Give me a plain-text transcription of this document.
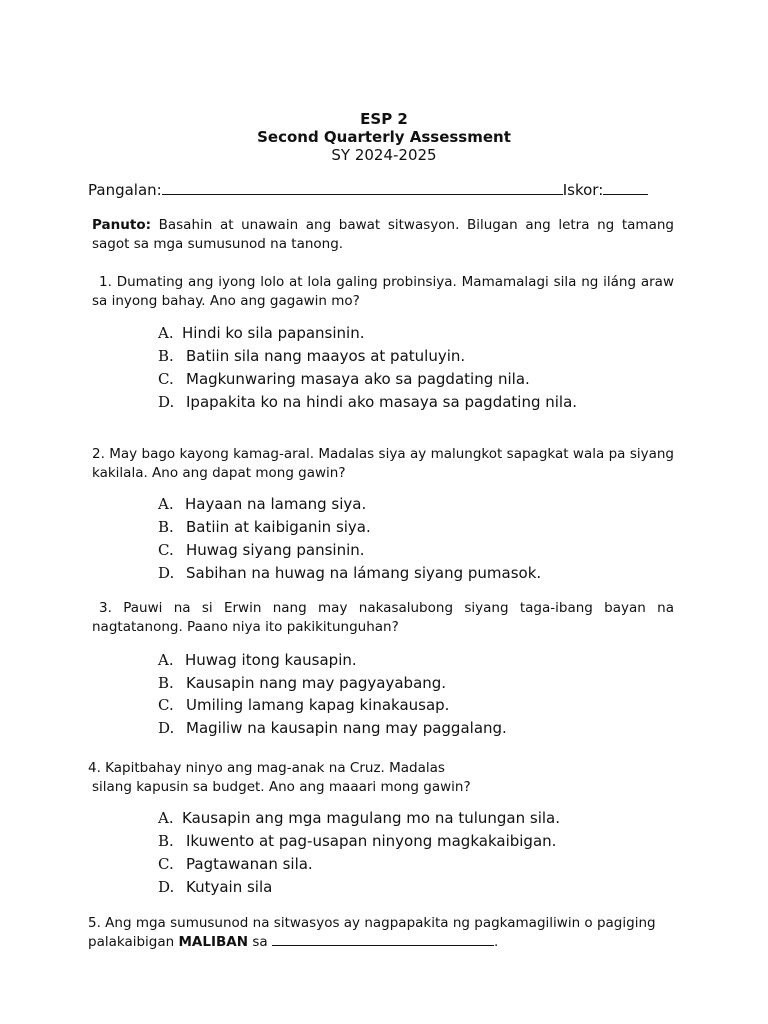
ESP 2
Second Quarterly Assessment
SY 2024-2025
Pangalan:	Iskor:
Panuto: Basahin at unawain ang bawat sitwasyon. Bilugan ang letra ng tamang sagot sa mga sumusunod na tanong.
1. Dumating ang iyong lolo at lola galing probinsiya. Mamamalagi sila ng iláng araw sa inyong bahay. Ano ang gagawin mo?
A. Hindi ko sila papansinin.
B. Batiin sila nang maayos at patuluyin.
C. Magkunwaring masaya ako sa pagdating nila.
D. Ipapakita ko na hindi ako masaya sa pagdating nila.
2. May bago kayong kamag-aral. Madalas siya ay malungkot sapagkat wala pa siyang kakilala. Ano ang dapat mong gawin?
A. Hayaan na lamang siya.
B. Batiin at kaibiganin siya.
C. Huwag siyang pansinin.
D. Sabihan na huwag na lámang siyang pumasok.
3. Pauwi na si Erwin nang may nakasalubong siyang taga-ibang bayan na nagtatanong. Paano niya ito pakikitunguhan?
A. Huwag itong kausapin.
B. Kausapin nang may pagyayabang.
C. Umiling lamang kapag kinakausap.
D. Magiliw na kausapin nang may paggalang.
4. Kapitbahay ninyo ang mag-anak na Cruz. Madalas
silang kapusin sa budget. Ano ang maaari mong gawin?
A. Kausapin ang mga magulang mo na tulungan sila.
B. Ikuwento at pag-usapan ninyong magkakaibigan.
C. Pagtawanan sila.
D. Kutyain sila
5. Ang mga sumusunod na sitwasyos ay nagpapakita ng pagkamagiliwin o pagiging palakaibigan MALIBAN sa	.
